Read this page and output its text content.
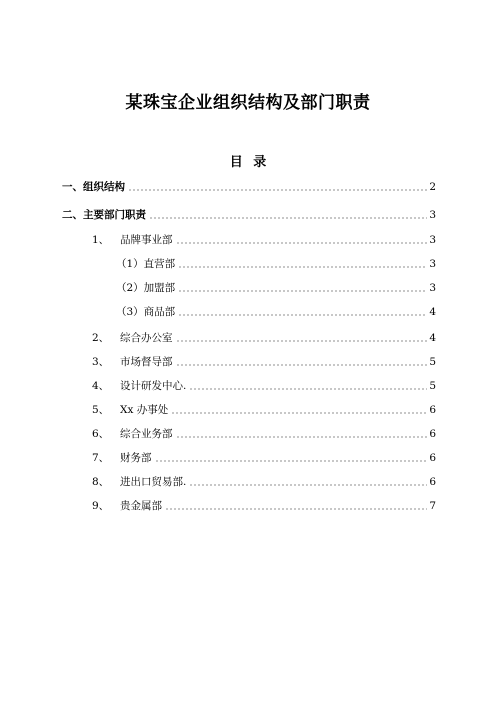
某珠宝企业组织结构及部门职责
目 录
一、组织结构	2
二、主要部门职责	3
1、	品牌事业部	3
（1）直营部	3
（2）加盟部	3
（3）商品部	4
2、	综合办公室	4
3、	市场督导部	5
4、	设计研发中心.	5
5、	Xx 办事处	6
6、	综合业务部	6
7、	财务部	6
8、	进出口贸易部.	6
9、	贵金属部	7
